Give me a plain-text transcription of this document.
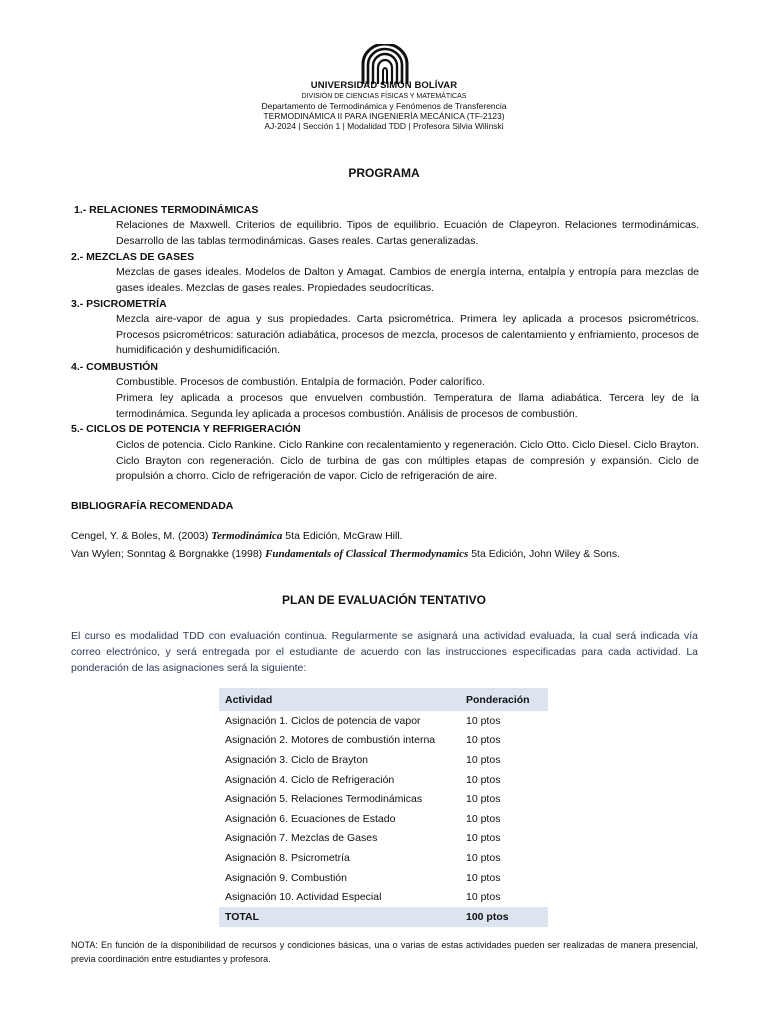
UNIVERSIDAD SIMÓN BOLÍVAR
DIVISIÓN DE CIENCIAS FÍSICAS Y MATEMÁTICAS
Departamento de Termodinámica y Fenómenos de Transferencia
TERMODINÁMICA II PARA INGENIERÍA MECÁNICA (TF-2123)
AJ-2024 | Sección 1 | Modalidad TDD | Profesora Silvia Wilinski
PROGRAMA
1.- RELACIONES TERMODINÁMICAS
Relaciones de Maxwell. Criterios de equilibrio. Tipos de equilibrio. Ecuación de Clapeyron. Relaciones termodinámicas. Desarrollo de las tablas termodinámicas. Gases reales. Cartas generalizadas.
2.- MEZCLAS DE GASES
Mezclas de gases ideales. Modelos de Dalton y Amagat. Cambios de energía interna, entalpía y entropía para mezclas de gases ideales. Mezclas de gases reales. Propiedades seudocríticas.
3.- PSICROMETRÍA
Mezcla aire-vapor de agua y sus propiedades. Carta psicrométrica. Primera ley aplicada a procesos psicrométricos. Procesos psicrométricos: saturación adiabática, procesos de mezcla, procesos de calentamiento y enfriamiento, procesos de humidificación y deshumidificación.
4.- COMBUSTIÓN
Combustible. Procesos de combustión. Entalpía de formación. Poder calorífico.
Primera ley aplicada a procesos que envuelven combustión. Temperatura de llama adiabática. Tercera ley de la termodinámica. Segunda ley aplicada a procesos combustión. Análisis de procesos de combustión.
5.- CICLOS DE POTENCIA Y REFRIGERACIÓN
Ciclos de potencia. Ciclo Rankine. Ciclo Rankine con recalentamiento y regeneración. Ciclo Otto. Ciclo Diesel. Ciclo Brayton. Ciclo Brayton con regeneración. Ciclo de turbina de gas con múltiples etapas de compresión y expansión. Ciclo de propulsión a chorro. Ciclo de refrigeración de vapor. Ciclo de refrigeración de aire.
BIBLIOGRAFÍA RECOMENDADA
Cengel, Y. & Boles, M. (2003) Termodinámica 5ta Edición, McGraw Hill.
Van Wylen; Sonntag & Borgnakke (1998) Fundamentals of Classical Thermodynamics 5ta Edición, John Wiley & Sons.
PLAN DE EVALUACIÓN TENTATIVO
El curso es modalidad TDD con evaluación continua. Regularmente se asignará una actividad evaluada, la cual será indicada vía correo electrónico, y será entregada por el estudiante de acuerdo con las instrucciones especificadas para cada actividad. La ponderación de las asignaciones será la siguiente:
Actividad	Ponderación
Asignación 1. Ciclos de potencia de vapor	10 ptos
Asignación 2. Motores de combustión interna	10 ptos
Asignación 3. Ciclo de Brayton	10 ptos
Asignación 4. Ciclo de Refrigeración	10 ptos
Asignación 5. Relaciones Termodinámicas	10 ptos
Asignación 6. Ecuaciones de Estado	10 ptos
Asignación 7. Mezclas de Gases	10 ptos
Asignación 8. Psicrometría	10 ptos
Asignación 9. Combustión	10 ptos
Asignación 10. Actividad Especial	10 ptos
TOTAL	100 ptos
NOTA: En función de la disponibilidad de recursos y condiciones básicas, una o varias de estas actividades pueden ser realizadas de manera presencial, previa coordinación entre estudiantes y profesora.
